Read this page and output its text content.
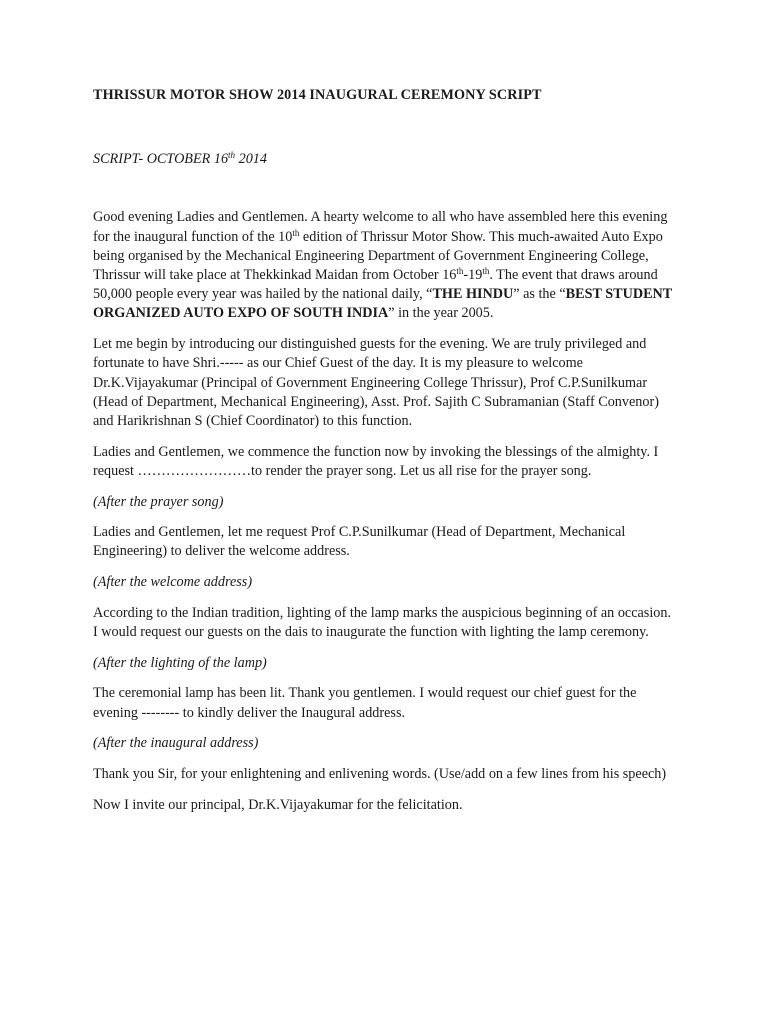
THRISSUR MOTOR SHOW 2014 INAUGURAL CEREMONY SCRIPT
SCRIPT- OCTOBER 16th 2014

Good evening Ladies and Gentlemen. A hearty welcome to all who have assembled here this evening for the inaugural function of the 10th edition of Thrissur Motor Show. This much-awaited Auto Expo being organised by the Mechanical Engineering Department of Government Engineering College, Thrissur will take place at Thekkinkad Maidan from October 16th-19th. The event that draws around 50,000 people every year was hailed by the national daily, “THE HINDU” as the “BEST STUDENT ORGANIZED AUTO EXPO OF SOUTH INDIA” in the year 2005.

Let me begin by introducing our distinguished guests for the evening. We are truly privileged and fortunate to have Shri.----- as our Chief Guest of the day. It is my pleasure to welcome Dr.K.Vijayakumar (Principal of Government Engineering College Thrissur), Prof C.P.Sunilkumar (Head of Department, Mechanical Engineering), Asst. Prof. Sajith C Subramanian (Staff Convenor) and Harikrishnan S (Chief Coordinator) to this function.

Ladies and Gentlemen, we commence the function now by invoking the blessings of the almighty. I request ……………………to render the prayer song. Let us all rise for the prayer song.

(After the prayer song)

Ladies and Gentlemen, let me request Prof C.P.Sunilkumar (Head of Department, Mechanical Engineering) to deliver the welcome address.

(After the welcome address)

According to the Indian tradition, lighting of the lamp marks the auspicious beginning of an occasion. I would request our guests on the dais to inaugurate the function with lighting the lamp ceremony.

(After the lighting of the lamp)

The ceremonial lamp has been lit. Thank you gentlemen. I would request our chief guest for the evening -------- to kindly deliver the Inaugural address.

(After the inaugural address)

Thank you Sir, for your enlightening and enlivening words. (Use/add on a few lines from his speech)

Now I invite our principal, Dr.K.Vijayakumar for the felicitation.
